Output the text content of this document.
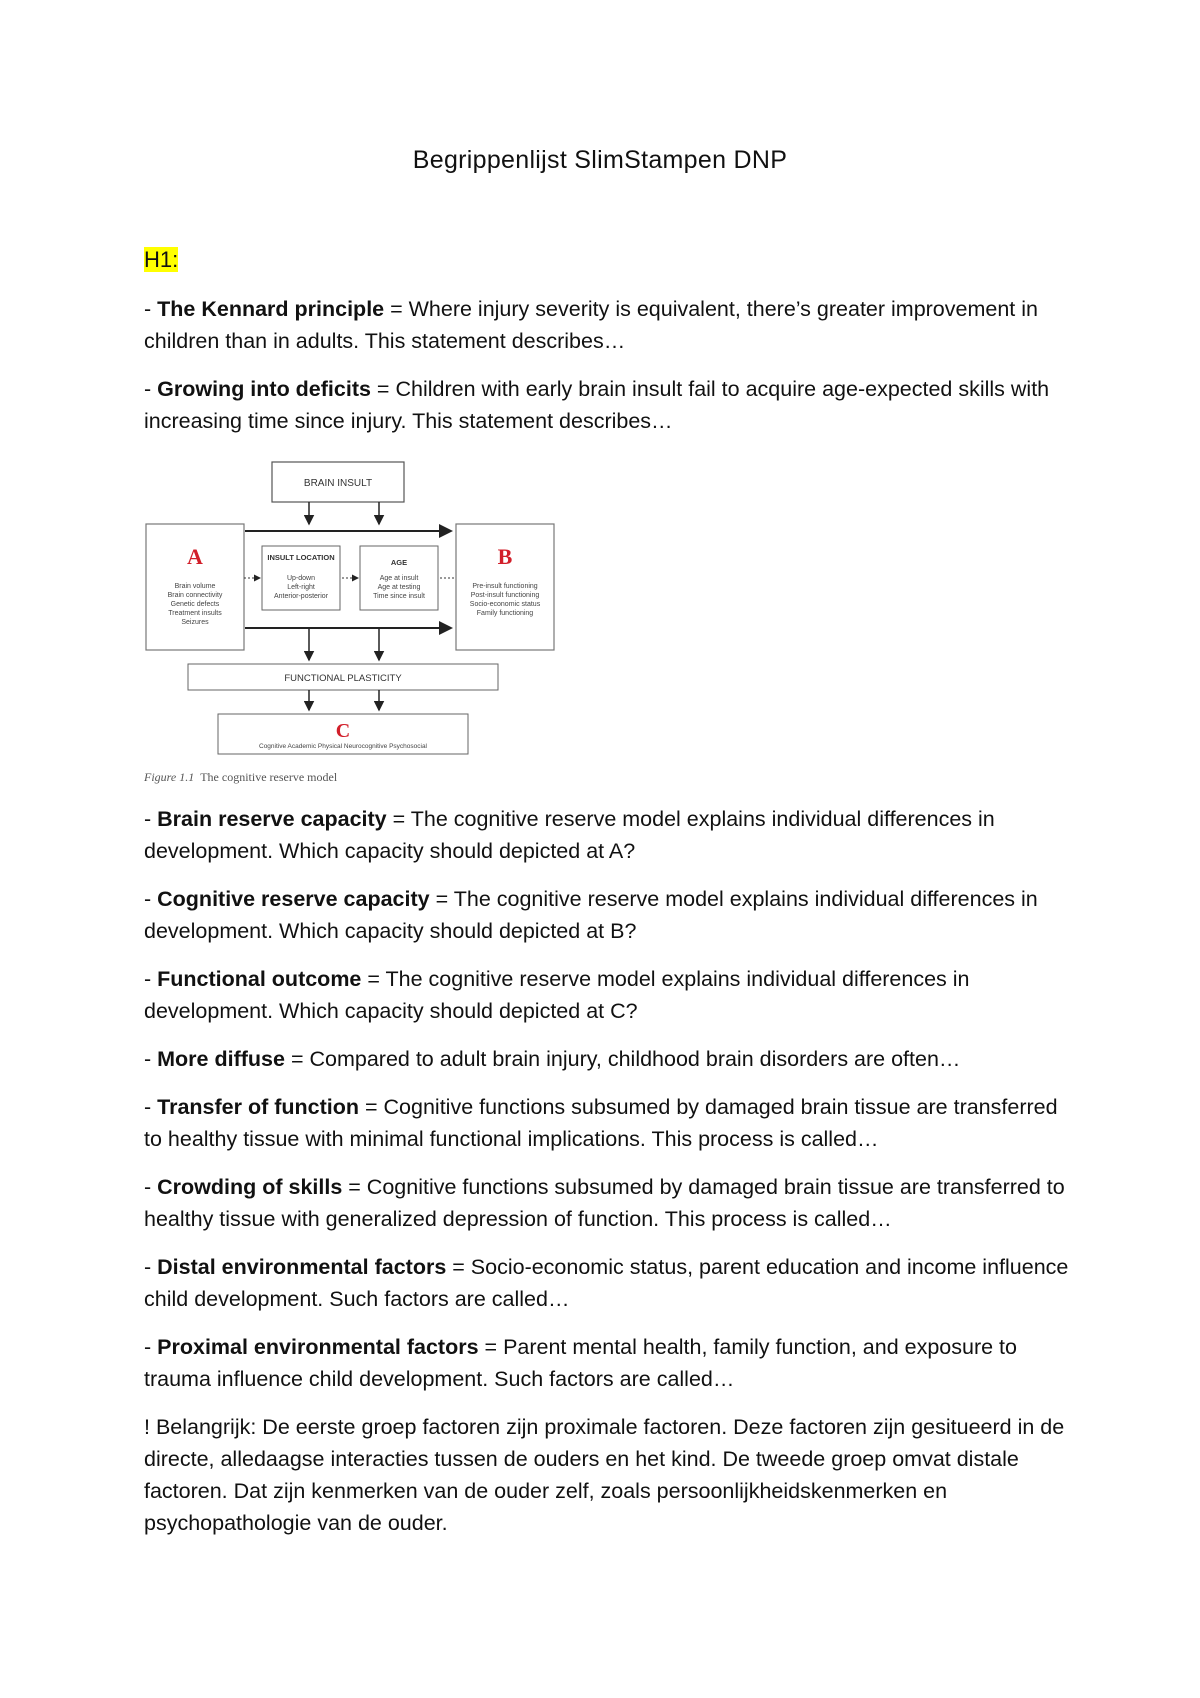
Begrippenlijst SlimStampen DNP
H1:
- The Kennard principle = Where injury severity is equivalent, there’s greater improvement in children than in adults. This statement describes…
- Growing into deficits = Children with early brain insult fail to acquire age-expected skills with increasing time since injury. This statement describes…
BRAIN INSULT
A
Brain volume
Brain connectivity
Genetic defects
Treatment insults
Seizures
INSULT LOCATION
Up-down
Left-right
Anterior-posterior
AGE
Age at insult
Age at testing
Time since insult
B
Pre-insult functioning
Post-insult functioning
Socio-economic status
Family functioning
FUNCTIONAL PLASTICITY
C
Cognitive Academic Physical Neurocognitive Psychosocial
Figure 1.1 The cognitive reserve model
- Brain reserve capacity = The cognitive reserve model explains individual differences in development. Which capacity should depicted at A?
- Cognitive reserve capacity = The cognitive reserve model explains individual differences in development. Which capacity should depicted at B?
- Functional outcome = The cognitive reserve model explains individual differences in development. Which capacity should depicted at C?
- More diffuse = Compared to adult brain injury, childhood brain disorders are often…
- Transfer of function = Cognitive functions subsumed by damaged brain tissue are transferred to healthy tissue with minimal functional implications. This process is called…
- Crowding of skills = Cognitive functions subsumed by damaged brain tissue are transferred to healthy tissue with generalized depression of function. This process is called…
- Distal environmental factors = Socio-economic status, parent education and income influence child development. Such factors are called…
- Proximal environmental factors = Parent mental health, family function, and exposure to trauma influence child development. Such factors are called…
! Belangrijk: De eerste groep factoren zijn proximale factoren. Deze factoren zijn gesitueerd in de directe, alledaagse interacties tussen de ouders en het kind. De tweede groep omvat distale factoren. Dat zijn kenmerken van de ouder zelf, zoals persoonlijkheidskenmerken en psychopathologie van de ouder.
